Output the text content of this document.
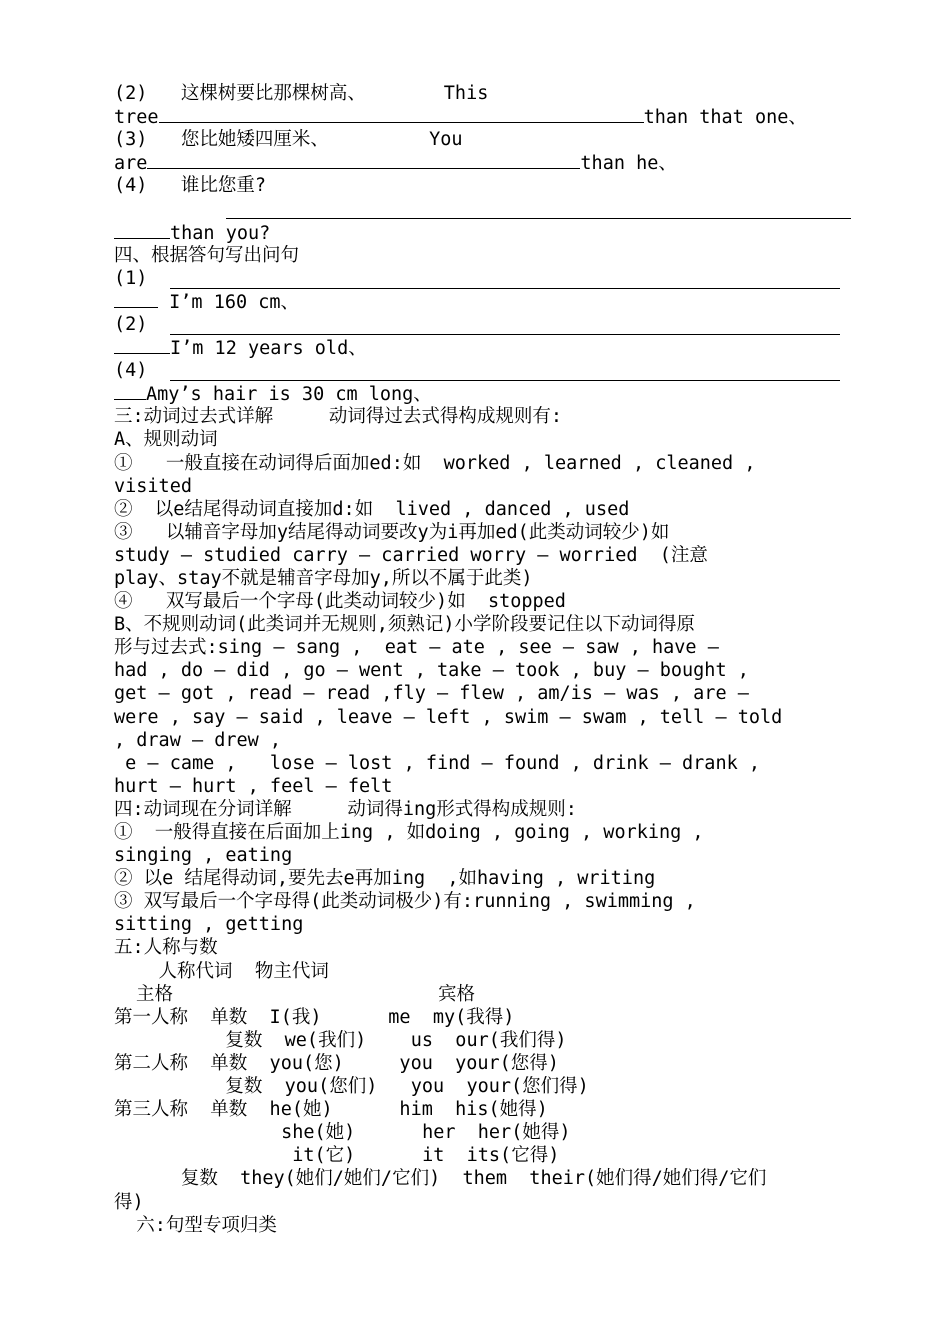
(2)   这棵树要比那棵树高、       This
tree	than that one、
(3)   您比她矮四厘米、         You
are	than he、
(4)   谁比您重?
than you?
四、根据答句写出问句
(1)
I’m 160 cm、
(2)
I’m 12 years old、
(4)
Amy’s hair is 30 cm long、
三:动词过去式详解     动词得过去式得构成规则有:
A、规则动词
①   一般直接在动词得后面加ed:如  worked , learned , cleaned ,
visited
②  以e结尾得动词直接加d:如  lived , danced , used
③   以辅音字母加y结尾得动词要改y为i再加ed(此类动词较少)如
study – studied carry – carried worry – worried  (注意
play、stay不就是辅音字母加y,所以不属于此类)
④   双写最后一个字母(此类动词较少)如  stopped
B、不规则动词(此类词并无规则,须熟记)小学阶段要记住以下动词得原
形与过去式:sing – sang ,  eat – ate , see – saw , have –
had , do – did , go – went , take – took , buy – bought ,
get – got , read – read ,fly – flew , am/is – was , are –
were , say – said , leave – left , swim – swam , tell – told
, draw – drew ,
e – came ,   lose – lost , find – found , drink – drank ,
hurt – hurt , feel – felt
四:动词现在分词详解     动词得ing形式得构成规则:
①  一般得直接在后面加上ing , 如doing , going , working ,
singing , eating
② 以e 结尾得动词,要先去e再加ing  ,如having , writing
③ 双写最后一个字母得(此类动词极少)有:running , swimming ,
sitting , getting
五:人称与数
人称代词  物主代词
主格	宾格
第一人称  单数  I(我)      me  my(我得)
复数  we(我们)    us  our(我们得)
第二人称  单数  you(您)     you  your(您得)
复数  you(您们)   you  your(您们得)
第三人称  单数  he(她)      him  his(她得)
she(她)      her  her(她得)
it(它)      it  its(它得)
复数  they(她们/她们/它们)  them  their(她们得/她们得/它们
得)
六:句型专项归类
